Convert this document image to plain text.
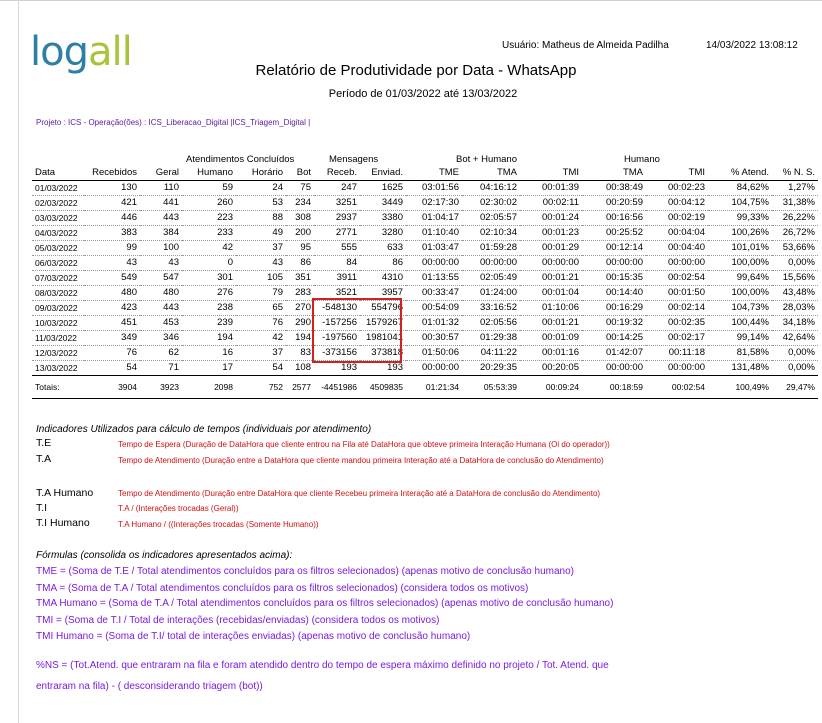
logall	Usuário: Matheus de Almeida Padilha	14/03/2022 13:08:12
Relatório de Produtividade por Data - WhatsApp
Período de 01/03/2022 até 13/03/2022
Projeto : ICS - Operação(ões) : ICS_Liberacao_Digital |ICS_Triagem_Digital |
Atendimentos Concluídos	Mensagens	Bot + Humano	Humano
Data	Recebidos	Geral	Humano	Horário	Bot	Receb.	Enviad.	TME	TMA	TMI	TMA	TMI	% Atend.	% N. S.
01/03/2022	130	110	59	24	75	247	1625	03:01:56	04:16:12	00:01:39	00:38:49	00:02:23	84,62%	1,27%
02/03/2022	421	441	260	53	234	3251	3449	02:17:30	02:30:02	00:02:11	00:20:59	00:04:12	104,75%	31,38%
03/03/2022	446	443	223	88	308	2937	3380	01:04:17	02:05:57	00:01:24	00:16:56	00:02:19	99,33%	26,22%
04/03/2022	383	384	233	49	200	2771	3280	01:10:40	02:10:34	00:01:23	00:25:52	00:04:04	100,26%	26,72%
05/03/2022	99	100	42	37	95	555	633	01:03:47	01:59:28	00:01:29	00:12:14	00:04:40	101,01%	53,66%
06/03/2022	43	43	0	43	86	84	86	00:00:00	00:00:00	00:00:00	00:00:00	00:00:00	100,00%	0,00%
07/03/2022	549	547	301	105	351	3911	4310	01:13:55	02:05:49	00:01:21	00:15:35	00:02:54	99,64%	15,56%
08/03/2022	480	480	276	79	283	3521	3957	00:33:47	01:24:00	00:01:04	00:14:40	00:01:50	100,00%	43,48%
09/03/2022	423	443	238	65	270	-548130	554796	00:54:09	33:16:52	01:10:06	00:16:29	00:02:14	104,73%	28,03%
10/03/2022	451	453	239	76	290	-157256	1579267	01:01:32	02:05:56	00:01:21	00:19:32	00:02:35	100,44%	34,18%
11/03/2022	349	346	194	42	194	-197560	1981041	00:30:57	01:29:38	00:01:09	00:14:25	00:02:17	99,14%	42,64%
12/03/2022	76	62	16	37	83	-373156	373818	01:50:06	04:11:22	00:01:16	01:42:07	00:11:18	81,58%	0,00%
13/03/2022	54	71	17	54	108	193	193	00:00:00	20:29:35	00:20:05	00:00:00	00:00:00	131,48%	0,00%
Totais:	3904	3923	2098	752	2577	-4451986	4509835	01:21:34	05:53:39	00:09:24	00:18:59	00:02:54	100,49%	29,47%
Indicadores Utilizados para cálculo de tempos (individuais por atendimento)
T.E	Tempo de Espera (Duração de DataHora que cliente entrou na Fila até DataHora que obteve primeira Interação Humana (Oi do operador))
T.A	Tempo de Atendimento (Duração entre a DataHora que cliente mandou primeira Interação até a DataHora de conclusão do Atendimento)
T.A Humano	Tempo de Atendimento (Duração entre DataHora que cliente Recebeu primeira Interação até a DataHora de conclusão do Atendimento)
T.I	T.A / (Interações trocadas (Geral))
T.I Humano	T.A Humano / ((Interações trocadas (Somente Humano))
Fórmulas (consolida os indicadores apresentados acima):
TME = (Soma de T.E / Total atendimentos concluídos para os filtros selecionados) (apenas motivo de conclusão humano)
TMA = (Soma de T.A / Total atendimentos concluídos para os filtros selecionados) (considera todos os motivos)
TMA Humano = (Soma de T.A / Total atendimentos concluídos para os filtros selecionados) (apenas motivo de conclusão humano)
TMI = (Soma de T.I / Total de interações (recebidas/enviadas) (considera todos os motivos)
TMI Humano = (Soma de T.I/ total de interações enviadas) (apenas motivo de conclusão humano)
%NS = (Tot.Atend. que entraram na fila e foram atendido dentro do tempo de espera máximo definido no projeto / Tot. Atend. que
entraram na fila) - ( desconsiderando triagem (bot))
